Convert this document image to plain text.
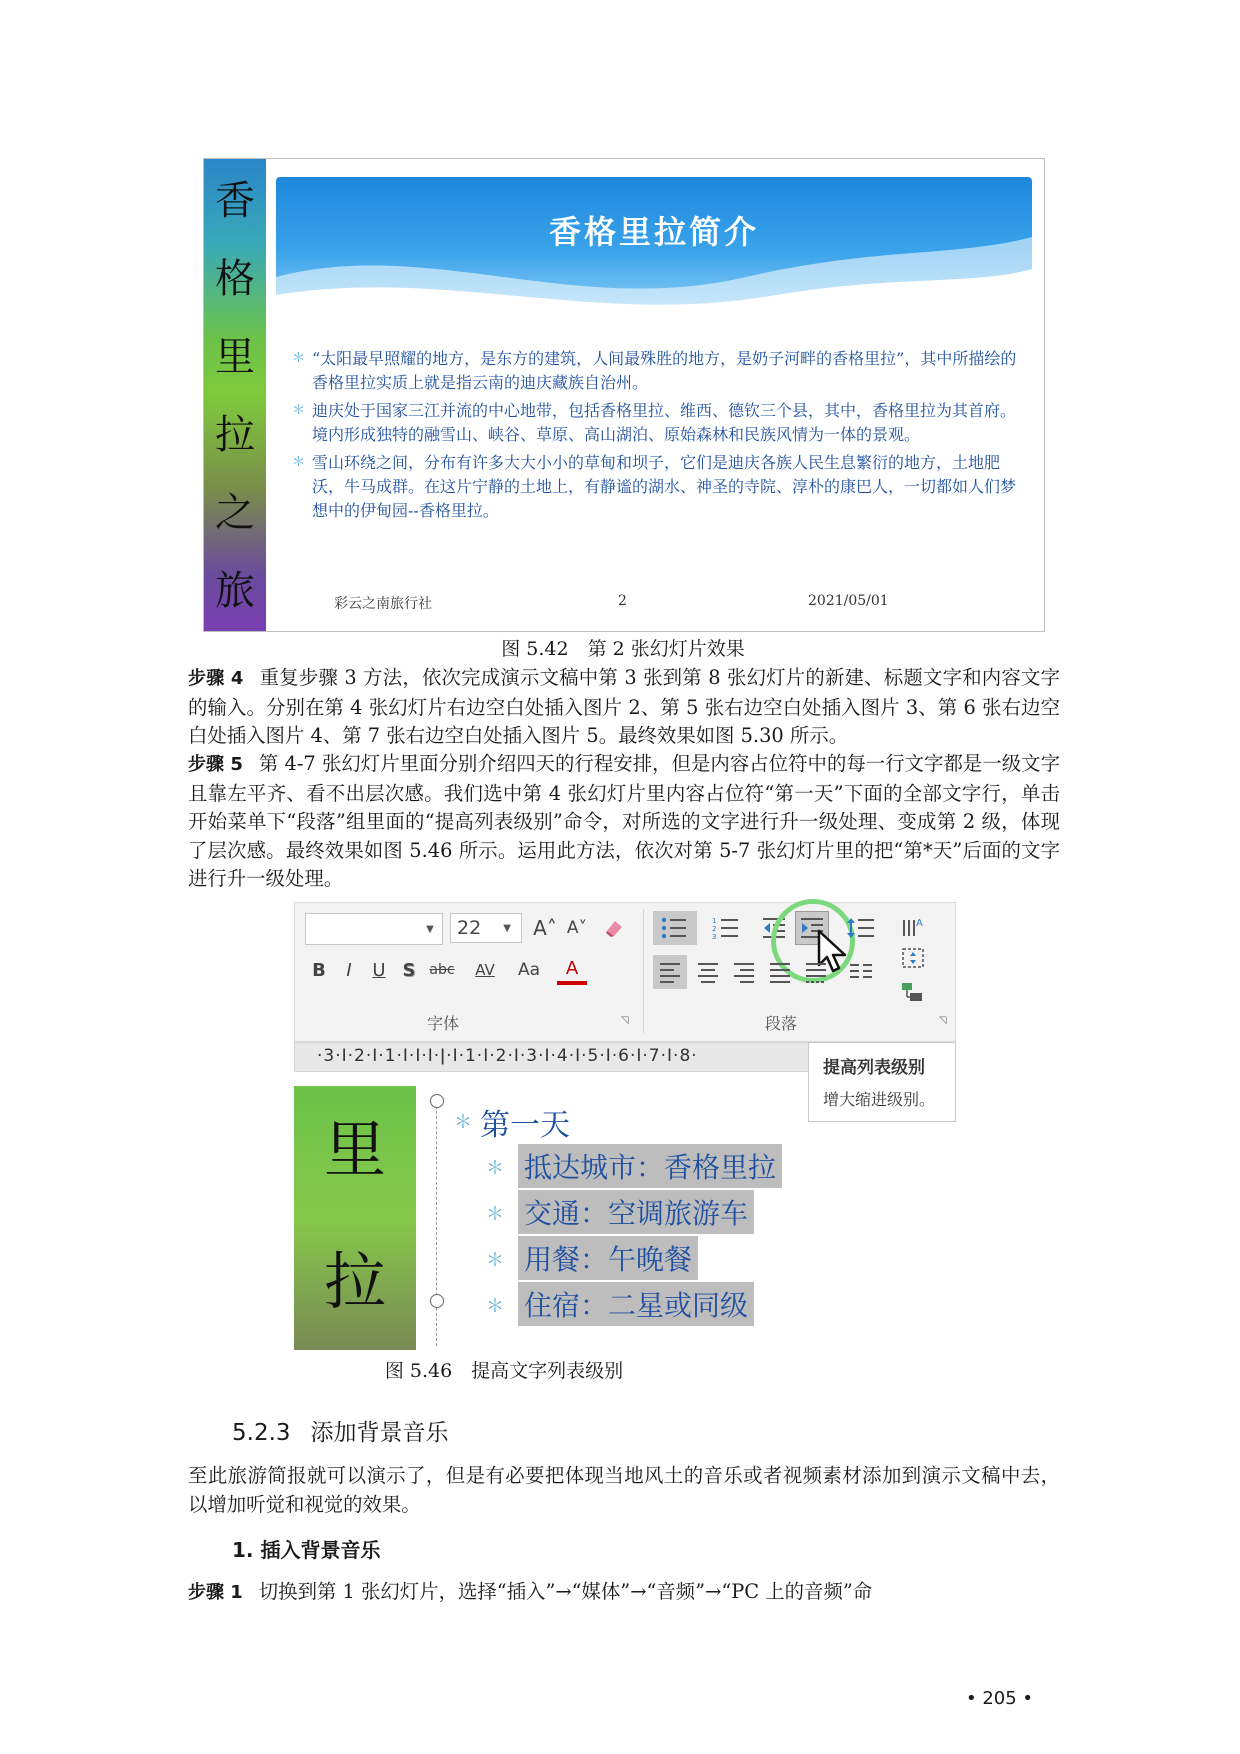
香
格
里
拉
之
旅
香格里拉简介
＊ “太阳最早照耀的地方，是东方的建筑，人间最殊胜的地方，是奶子河畔的香格里拉”，其中所描绘的香格里拉实质上就是指云南的迪庆藏族自治州。
＊ 迪庆处于国家三江并流的中心地带，包括香格里拉、维西、德钦三个县，其中，香格里拉为其首府。境内形成独特的融雪山、峡谷、草原、高山湖泊、原始森林和民族风情为一体的景观。
＊ 雪山环绕之间，分布有许多大大小小的草甸和坝子，它们是迪庆各族人民生息繁衍的地方，土地肥沃，牛马成群。在这片宁静的土地上，有静谧的湖水、神圣的寺院、淳朴的康巴人，一切都如人们梦想中的伊甸园--香格里拉。
彩云之南旅行社	2	2021/05/01
图 5.42　第 2 张幻灯片效果
步骤 4 重复步骤 3 方法，依次完成演示文稿中第 3 张到第 8 张幻灯片的新建、标题文字和内容文字的输入。分别在第 4 张幻灯片右边空白处插入图片 2、第 5 张右边空白处插入图片 3、第 6 张右边空白处插入图片 4、第 7 张右边空白处插入图片 5。最终效果如图 5.30 所示。
步骤 5 第 4-7 张幻灯片里面分别介绍四天的行程安排，但是内容占位符中的每一行文字都是一级文字且靠左平齐、看不出层次感。我们选中第 4 张幻灯片里内容占位符“第一天”下面的全部文字行，单击开始菜单下“段落”组里面的“提高列表级别”命令，对所选的文字进行升一级处理、变成第 2 级，体现了层次感。最终效果如图 5.46 所示。运用此方法，依次对第 5-7 张幻灯片里的把“第*天”后面的文字进行升一级处理。
▼ 22 ▼ A˄ A˅
B	I	U S abc	AV	Aa	A
字体
1
2
3
A
段落
◹	◹
·3·I·2·I·1·I·I·I·ǀ·I·1·I·2·I·3·I·4·I·5·I·6·I·7·I·8·
里
拉
＊ 第一天
＊ 抵达城市：香格里拉
＊ 交通：空调旅游车
＊ 用餐：午晚餐
＊ 住宿：二星或同级
提高列表级别
增大缩进级别。
图 5.46　提高文字列表级别
5.2.3 添加背景音乐
至此旅游简报就可以演示了，但是有必要把体现当地风土的音乐或者视频素材添加到演示文稿中去，以增加听觉和视觉的效果。
1. 插入背景音乐
步骤 1 切换到第 1 张幻灯片，选择“插入”→“媒体”→“音频”→“PC 上的音频”命
• 205 •
